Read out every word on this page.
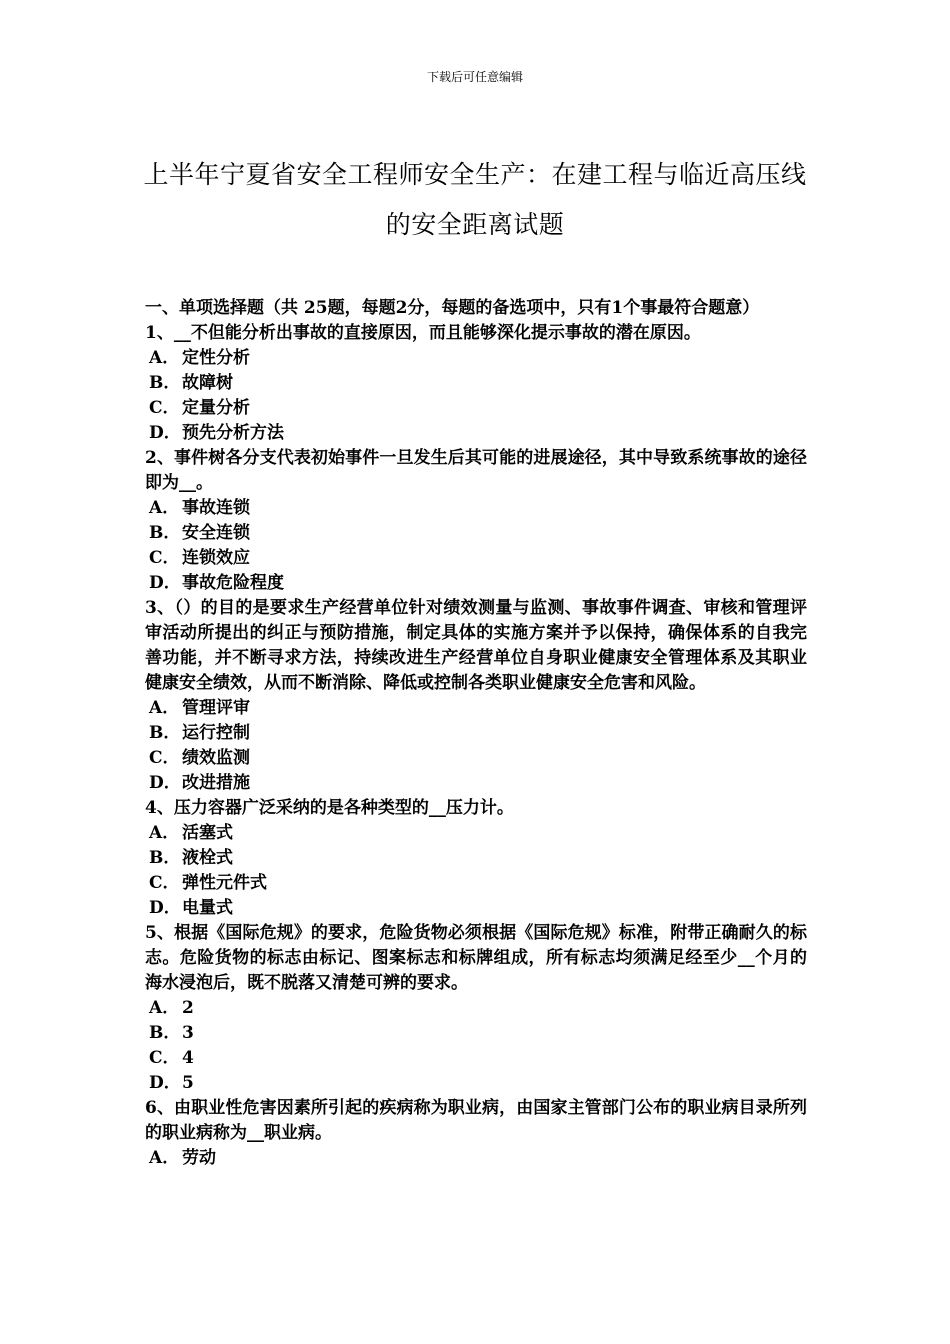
下载后可任意编辑
上半年宁夏省安全工程师安全生产：在建工程与临近高压线的安全距离试题

一、单项选择题（共 25题，每题2分，每题的备选项中，只有1个事最符合题意）

1、__不但能分析出事故的直接原因，而且能够深化提示事故的潜在原因。

A． 定性分析
B．故障树
C． 定量分析
D．预先分析方法

2、事件树各分支代表初始事件一旦发生后其可能的进展途径，其中导致系统事故的途径即为__。

A． 事故连锁
B．安全连锁
C． 连锁效应
D．事故危险程度

3、（）的目的是要求生产经营单位针对绩效测量与监测、事故事件调查、审核和管理评审活动所提出的纠正与预防措施，制定具体的实施方案并予以保持，确保体系的自我完善功能，并不断寻求方法，持续改进生产经营单位自身职业健康安全管理体系及其职业健康安全绩效，从而不断消除、降低或控制各类职业健康安全危害和风险。

A． 管理评审
B．运行控制
C． 绩效监测
D．改进措施

4、压力容器广泛采纳的是各种类型的__压力计。

A． 活塞式
B．液栓式
C． 弹性元件式
D．电量式

5、根据《国际危规》的要求，危险货物必须根据《国际危规》标准，附带正确耐久的标志。危险货物的标志由标记、图案标志和标牌组成，所有标志均须满足经至少__个月的海水浸泡后，既不脱落又清楚可辨的要求。

A． 2
B．3
C． 4
D．5

6、由职业性危害因素所引起的疾病称为职业病，由国家主管部门公布的职业病目录所列的职业病称为__职业病。

A． 劳动
